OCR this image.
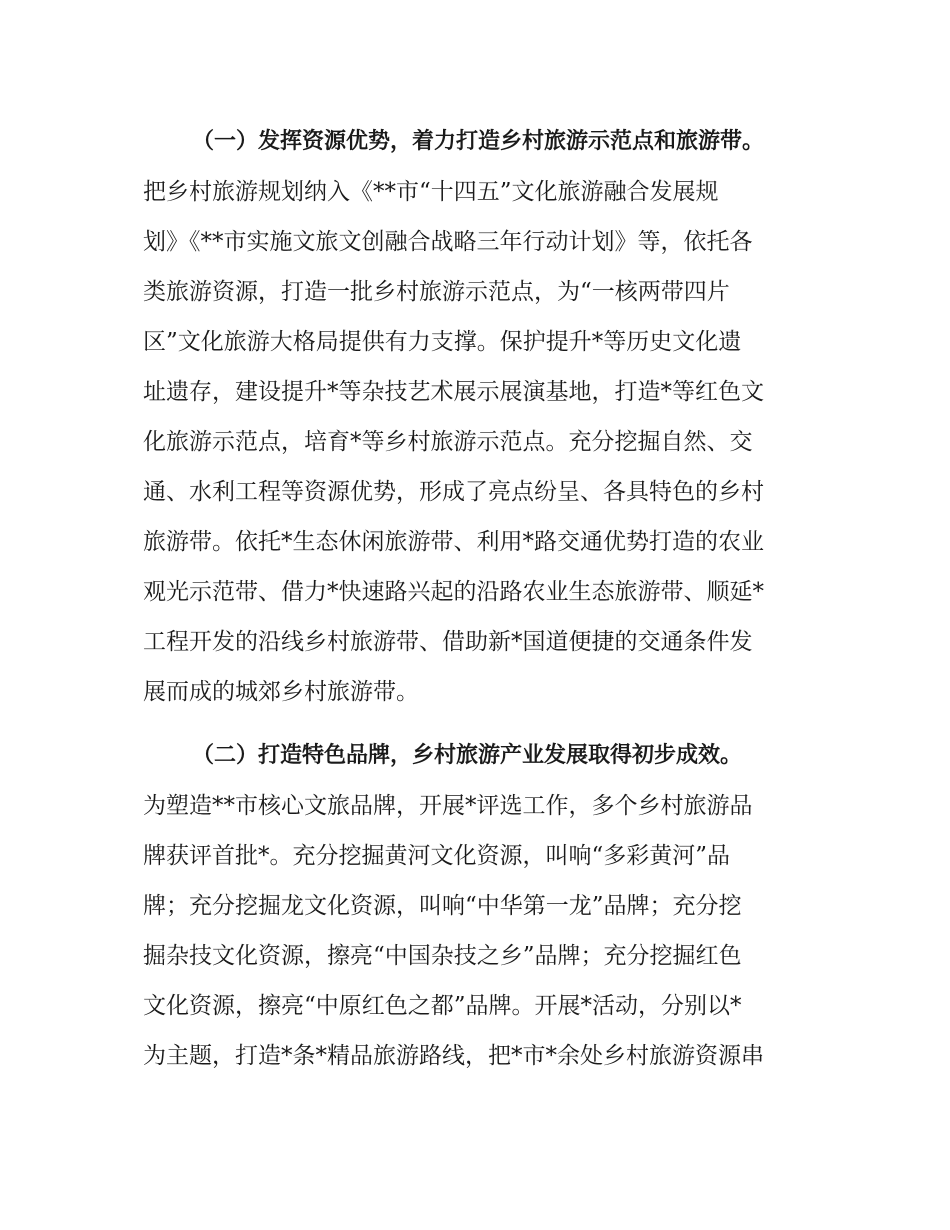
（一）发挥资源优势，着力打造乡村旅游示范点和旅游带。
把乡村旅游规划纳入《**市“十四五”文化旅游融合发展规
划》《**市实施文旅文创融合战略三年行动计划》等，依托各
类旅游资源，打造一批乡村旅游示范点，为“一核两带四片
区”文化旅游大格局提供有力支撑。保护提升*等历史文化遗
址遗存，建设提升*等杂技艺术展示展演基地，打造*等红色文
化旅游示范点，培育*等乡村旅游示范点。充分挖掘自然、交
通、水利工程等资源优势，形成了亮点纷呈、各具特色的乡村
旅游带。依托*生态休闲旅游带、利用*路交通优势打造的农业
观光示范带、借力*快速路兴起的沿路农业生态旅游带、顺延*
工程开发的沿线乡村旅游带、借助新*国道便捷的交通条件发
展而成的城郊乡村旅游带。
（二）打造特色品牌，乡村旅游产业发展取得初步成效。
为塑造**市核心文旅品牌，开展*评选工作，多个乡村旅游品
牌获评首批*。充分挖掘黄河文化资源，叫响“多彩黄河”品
牌；充分挖掘龙文化资源，叫响“中华第一龙”品牌；充分挖
掘杂技文化资源，擦亮“中国杂技之乡”品牌；充分挖掘红色
文化资源，擦亮“中原红色之都”品牌。开展*活动，分别以*
为主题，打造*条*精品旅游路线，把*市*余处乡村旅游资源串
